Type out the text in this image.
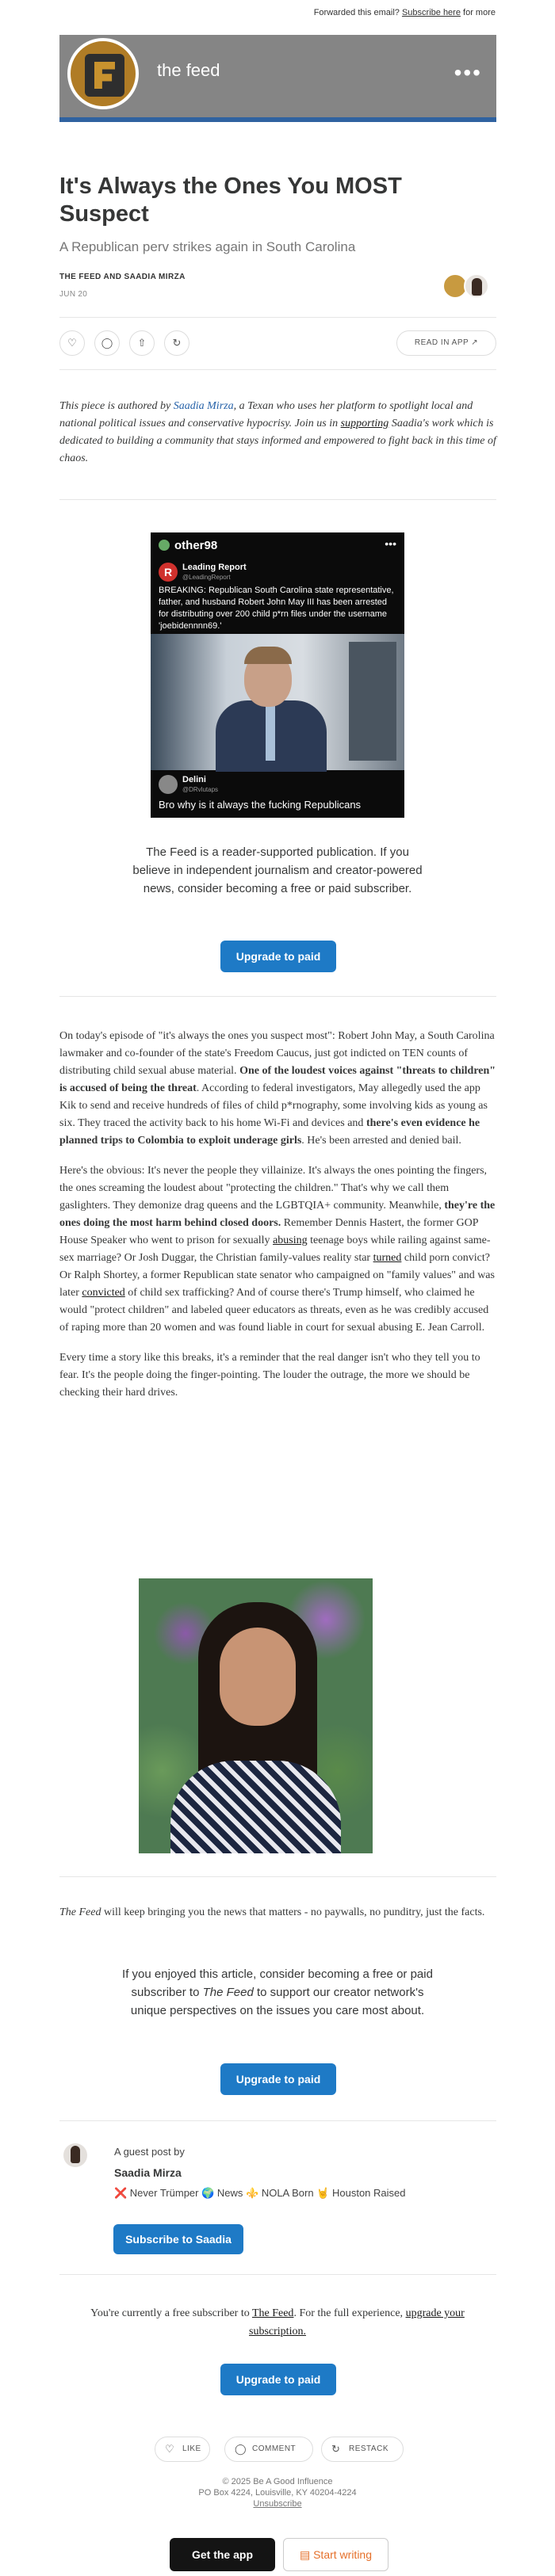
Forwarded this email? Subscribe here for more
the feed	•••
It's Always the Ones You MOST Suspect
A Republican perv strikes again in South Carolina
THE FEED AND SAADIA MIRZA
JUN 20
♡	◯	⇧	↻	READ IN APP ↗

This piece is authored by Saadia Mirza, a Texan who uses her platform to spotlight local and national political issues and conservative hypocrisy. Join us in supporting Saadia's work which is dedicated to building a community that stays informed and empowered to fight back in this time of chaos.

other98	•••
R	Leading Report
@LeadingReport
BREAKING: Republican South Carolina state representative, father, and husband Robert John May III has been arrested for distributing over 200 child p*rn files under the username 'joebidennnn69.'
Delini
@DRvlutaps
Bro why is it always the fucking Republicans

The Feed is a reader-supported publication. If you believe in independent journalism and creator-powered news, consider becoming a free or paid subscriber.

Upgrade to paid

On today's episode of "it's always the ones you suspect most": Robert John May, a South Carolina lawmaker and co-founder of the state's Freedom Caucus, just got indicted on TEN counts of distributing child sexual abuse material. One of the loudest voices against "threats to children" is accused of being the threat. According to federal investigators, May allegedly used the app Kik to send and receive hundreds of files of child p*rnography, some involving kids as young as six. They traced the activity back to his home Wi-Fi and devices and there's even evidence he planned trips to Colombia to exploit underage girls. He's been arrested and denied bail.

Here's the obvious: It's never the people they villainize. It's always the ones pointing the fingers, the ones screaming the loudest about "protecting the children." That's why we call them gaslighters. They demonize drag queens and the LGBTQIA+ community. Meanwhile, they're the ones doing the most harm behind closed doors. Remember Dennis Hastert, the former GOP House Speaker who went to prison for sexually abusing teenage boys while railing against same-sex marriage? Or Josh Duggar, the Christian family-values reality star turned child porn convict? Or Ralph Shortey, a former Republican state senator who campaigned on "family values" and was later convicted of child sex trafficking? And of course there's Trump himself, who claimed he would "protect children" and labeled queer educators as threats, even as he was credibly accused of raping more than 20 women and was found liable in court for sexual abusing E. Jean Carroll.

Every time a story like this breaks, it's a reminder that the real danger isn't who they tell you to fear. It's the people doing the finger-pointing. The louder the outrage, the more we should be checking their hard drives.

The Feed will keep bringing you the news that matters - no paywalls, no punditry, just the facts.

If you enjoyed this article, consider becoming a free or paid subscriber to The Feed to support our creator network's unique perspectives on the issues you care most about.

Upgrade to paid
A guest post by
Saadia Mirza
❌ Never Trümper 🌍 News ⚜️ NOLA Born 🤘 Houston Raised
Subscribe to Saadia

You're currently a free subscriber to The Feed. For the full experience, upgrade your subscription.

Upgrade to paid
♡ LIKE	◯ COMMENT	↻ RESTACK
© 2025 Be A Good Influence
PO Box 4224, Louisville, KY 40204-4224
Unsubscribe
Get the app	▤ Start writing
